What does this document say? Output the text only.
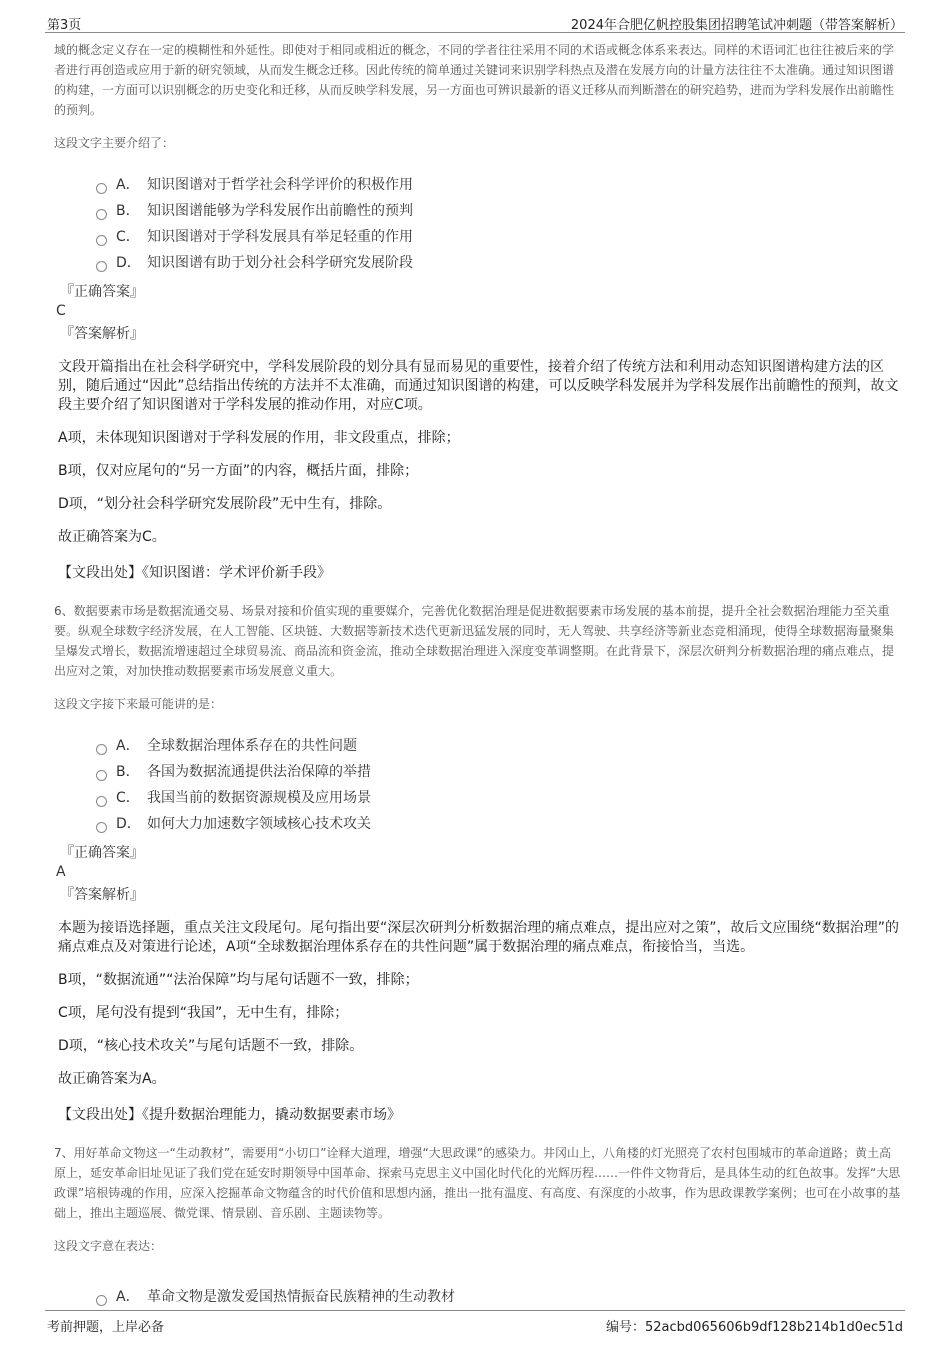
第3页	2024年合肥亿帆控股集团招聘笔试冲刺题（带答案解析）

域的概念定义存在一定的模糊性和外延性。即使对于相同或相近的概念，不同的学者往往采用不同的术语或概念体系来表达。同样的术语词汇也往往被后来的学者进行再创造或应用于新的研究领域，从而发生概念迁移。因此传统的简单通过关键词来识别学科热点及潜在发展方向的计量方法往往不太准确。通过知识图谱的构建，一方面可以识别概念的历史变化和迁移，从而反映学科发展，另一方面也可辨识最新的语义迁移从而判断潜在的研究趋势，进而为学科发展作出前瞻性的预判。

这段文字主要介绍了：

A． 知识图谱对于哲学社会科学评价的积极作用
B． 知识图谱能够为学科发展作出前瞻性的预判
C． 知识图谱对于学科发展具有举足轻重的作用
D． 知识图谱有助于划分社会科学研究发展阶段
『正确答案』
C
『答案解析』
文段开篇指出在社会科学研究中，学科发展阶段的划分具有显而易见的重要性，接着介绍了传统方法和利用动态知识图谱构建方法的区别，随后通过“因此”总结指出传统的方法并不太准确，而通过知识图谱的构建，可以反映学科发展并为学科发展作出前瞻性的预判，故文段主要介绍了知识图谱对于学科发展的推动作用，对应C项。
A项，未体现知识图谱对于学科发展的作用，非文段重点，排除；
B项，仅对应尾句的“另一方面”的内容，概括片面，排除；
D项，“划分社会科学研究发展阶段”无中生有，排除。
故正确答案为C。
【文段出处】《知识图谱：学术评价新手段》

6、数据要素市场是数据流通交易、场景对接和价值实现的重要媒介，完善优化数据治理是促进数据要素市场发展的基本前提，提升全社会数据治理能力至关重要。纵观全球数字经济发展，在人工智能、区块链、大数据等新技术迭代更新迅猛发展的同时，无人驾驶、共享经济等新业态竞相涌现，使得全球数据海量聚集呈爆发式增长，数据流增速超过全球贸易流、商品流和资金流，推动全球数据治理进入深度变革调整期。在此背景下，深层次研判分析数据治理的痛点难点，提出应对之策，对加快推动数据要素市场发展意义重大。

这段文字接下来最可能讲的是：

A． 全球数据治理体系存在的共性问题
B． 各国为数据流通提供法治保障的举措
C． 我国当前的数据资源规模及应用场景
D． 如何大力加速数字领域核心技术攻关
『正确答案』
A
『答案解析』
本题为接语选择题，重点关注文段尾句。尾句指出要“深层次研判分析数据治理的痛点难点，提出应对之策”，故后文应围绕“数据治理”的痛点难点及对策进行论述，A项“全球数据治理体系存在的共性问题”属于数据治理的痛点难点，衔接恰当，当选。
B项，“数据流通”“法治保障”均与尾句话题不一致，排除；
C项，尾句没有提到“我国”，无中生有，排除；
D项，“核心技术攻关”与尾句话题不一致，排除。
故正确答案为A。
【文段出处】《提升数据治理能力，撬动数据要素市场》

7、用好革命文物这一“生动教材”，需要用“小切口”诠释大道理，增强“大思政课”的感染力。井冈山上，八角楼的灯光照亮了农村包围城市的革命道路；黄土高原上，延安革命旧址见证了我们党在延安时期领导中国革命、探索马克思主义中国化时代化的光辉历程……一件件文物背后，是具体生动的红色故事。发挥“大思政课”培根铸魂的作用，应深入挖掘革命文物蕴含的时代价值和思想内涵，推出一批有温度、有高度、有深度的小故事，作为思政课教学案例；也可在小故事的基础上，推出主题巡展、微党课、情景剧、音乐剧、主题读物等。

这段文字意在表达：

A． 革命文物是激发爱国热情振奋民族精神的生动教材
考前押题，上岸必备	编号：52acbd065606b9df128b214b1d0ec51d
